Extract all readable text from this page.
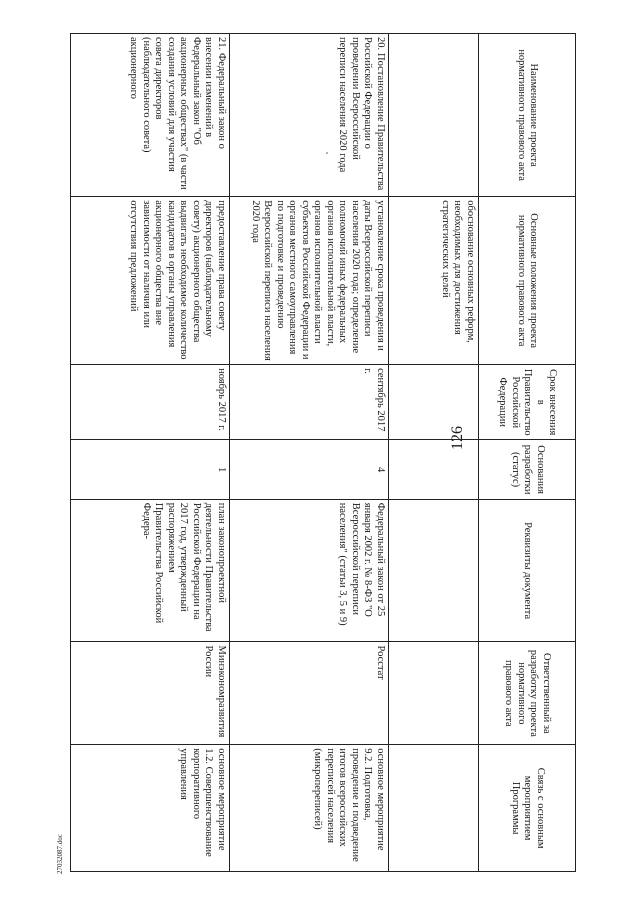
126
Наименование проекта нормативного правового акта	Основные положения проекта нормативного правового акта	Срок внесения в Правительство Российской Федерации	Основания разработки (статус)	Реквизиты документа	Ответственный за разработку проекта нормативного правового акта	Связь с основным мероприятием Программы
	обоснование основных реформ, необходимых для достижения стратегических целей					
20.Постановление Правительства Российской Федерации о проведении Всероссийской переписи населения 2020 года	установление срока проведения и даты Всероссийской переписи населения 2020 года; определение полномочий иных федеральных органов исполнительной власти, органов исполнительной власти субъектов Российской Федерации и органов местного самоуправления по подготовке и проведению Всероссийской переписи населения 2020 года	сентябрь 2017 г.	4	Федеральный закон от 25 января 2002 г. № 8-ФЗ "О Всероссийской переписи населения" (статьи 3, 5 и 9)	Росстат	основное мероприятие 9.2. Подготовка, проведение и подведение итогов всероссийских переписей населения (микропереписей)
21.Федеральный закон о внесении изменений в Федеральный закон "Об акционерных обществах" (в части создания условий для участия совета директоров (наблюдательного совета) акционерного	предоставление права совету директоров (наблюдательному совету) акционерного общества выдвигать необходимое количество кандидатов в органы управления акционерного общества вне зависимости от наличия или отсутствия предложений	ноябрь 2017 г.	1	план законопроектной деятельности Правительства Российской Федерации на 2017 год, утвержденный распоряжением Правительства Российской Федера-	Минэкономразвития России	основное мероприятие 1.2. Совершенствование корпоративного управления
27032087.doc
